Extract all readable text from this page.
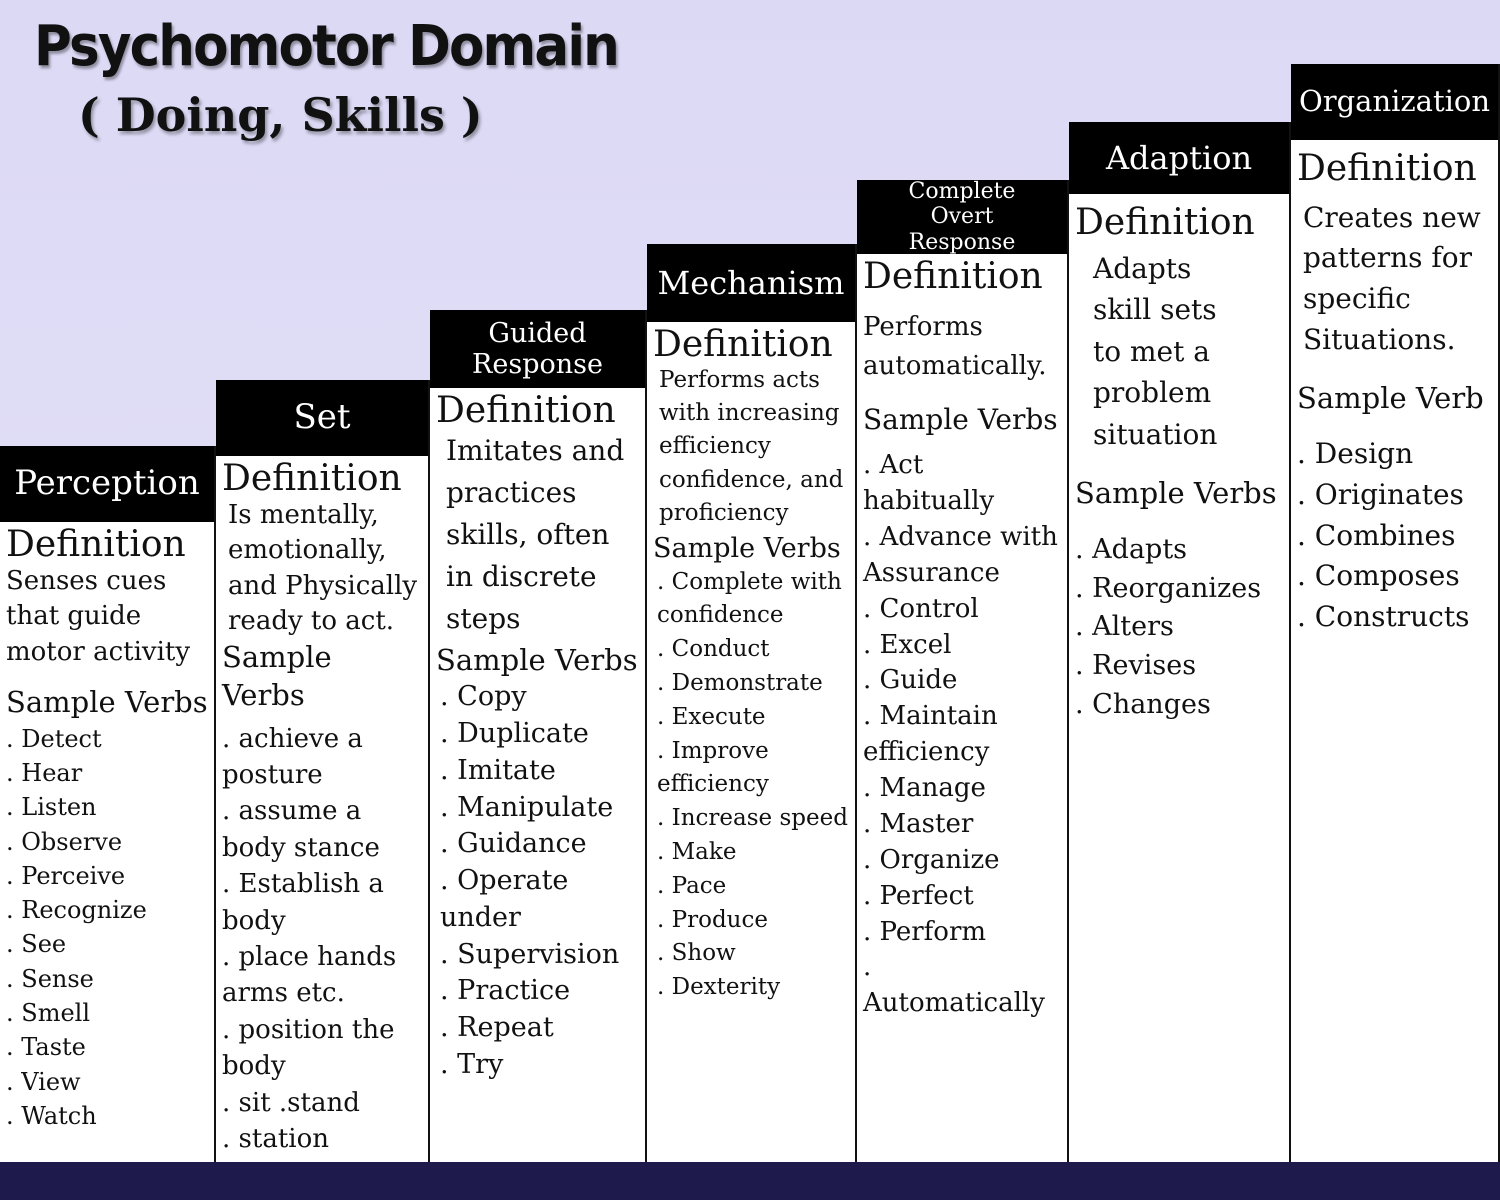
Psychomotor Domain
( Doing, Skills )
Perception
Definition
Senses cues that guide motor activity
Sample Verbs
. Detect
. Hear
. Listen
. Observe
. Perceive
. Recognize
. See
. Sense
. Smell
. Taste
. View
. Watch
Set
Definition
Is mentally, emotionally, and Physically ready to act.
Sample Verbs
. achieve a posture
. assume a body stance
. Establish a body
. place hands arms etc.
. position the body
. sit .stand
. station
Guided Response
Definition
Imitates and practices skills, often in discrete steps
Sample Verbs
. Copy
. Duplicate
. Imitate
. Manipulate
. Guidance
. Operate under
. Supervision
. Practice
. Repeat
. Try
Mechanism
Definition
Performs acts with increasing efficiency confidence, and proficiency
Sample Verbs
. Complete with confidence
. Conduct
. Demonstrate
. Execute
. Improve efficiency
. Increase speed
. Make
. Pace
. Produce
. Show
. Dexterity
Complete Overt Response
Definition
Performs automatically.
Sample Verbs
. Act habitually
. Advance with Assurance
. Control
. Excel
. Guide
. Maintain efficiency
. Manage
. Master
. Organize
. Perfect
. Perform
. Automatically
Adaption
Definition
Adapts skill sets to met a problem situation
Sample Verbs
. Adapts
. Reorganizes
. Alters
. Revises
. Changes
Organization
Definition
Creates new patterns for specific Situations.
Sample Verb
. Design
. Originates
. Combines
. Composes
. Constructs
